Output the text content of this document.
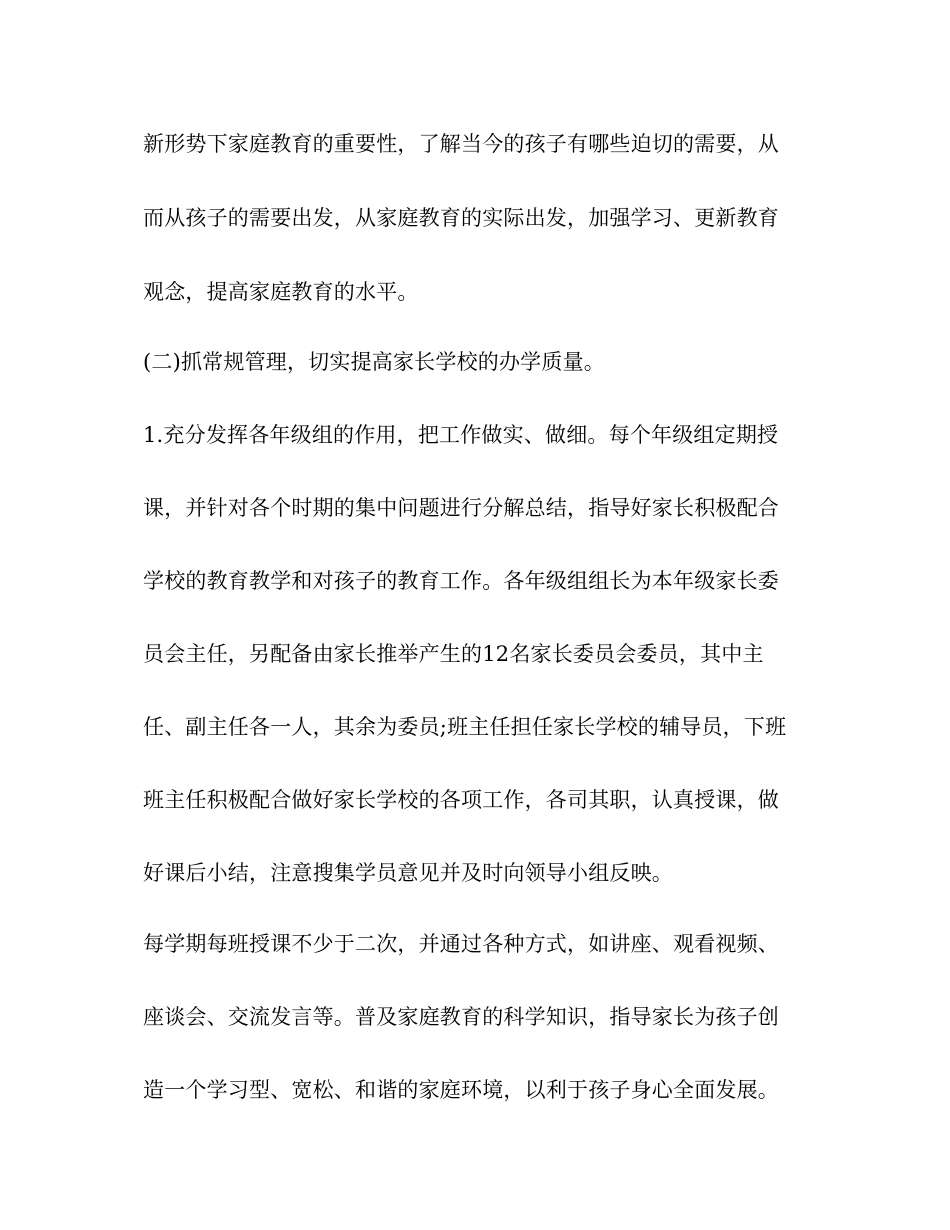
新形势下家庭教育的重要性，了解当今的孩子有哪些迫切的需要，从

而从孩子的需要出发，从家庭教育的实际出发，加强学习、更新教育

观念，提高家庭教育的水平。

(二)抓常规管理，切实提高家长学校的办学质量。

1.充分发挥各年级组的作用，把工作做实、做细。每个年级组定期授

课，并针对各个时期的集中问题进行分解总结，指导好家长积极配合

学校的教育教学和对孩子的教育工作。各年级组组长为本年级家长委

员会主任，另配备由家长推举产生的12名家长委员会委员，其中主

任、副主任各一人，其余为委员;班主任担任家长学校的辅导员，下班

班主任积极配合做好家长学校的各项工作，各司其职，认真授课，做

好课后小结，注意搜集学员意见并及时向领导小组反映。

每学期每班授课不少于二次，并通过各种方式，如讲座、观看视频、

座谈会、交流发言等。普及家庭教育的科学知识，指导家长为孩子创

造一个学习型、宽松、和谐的家庭环境，以利于孩子身心全面发展。
